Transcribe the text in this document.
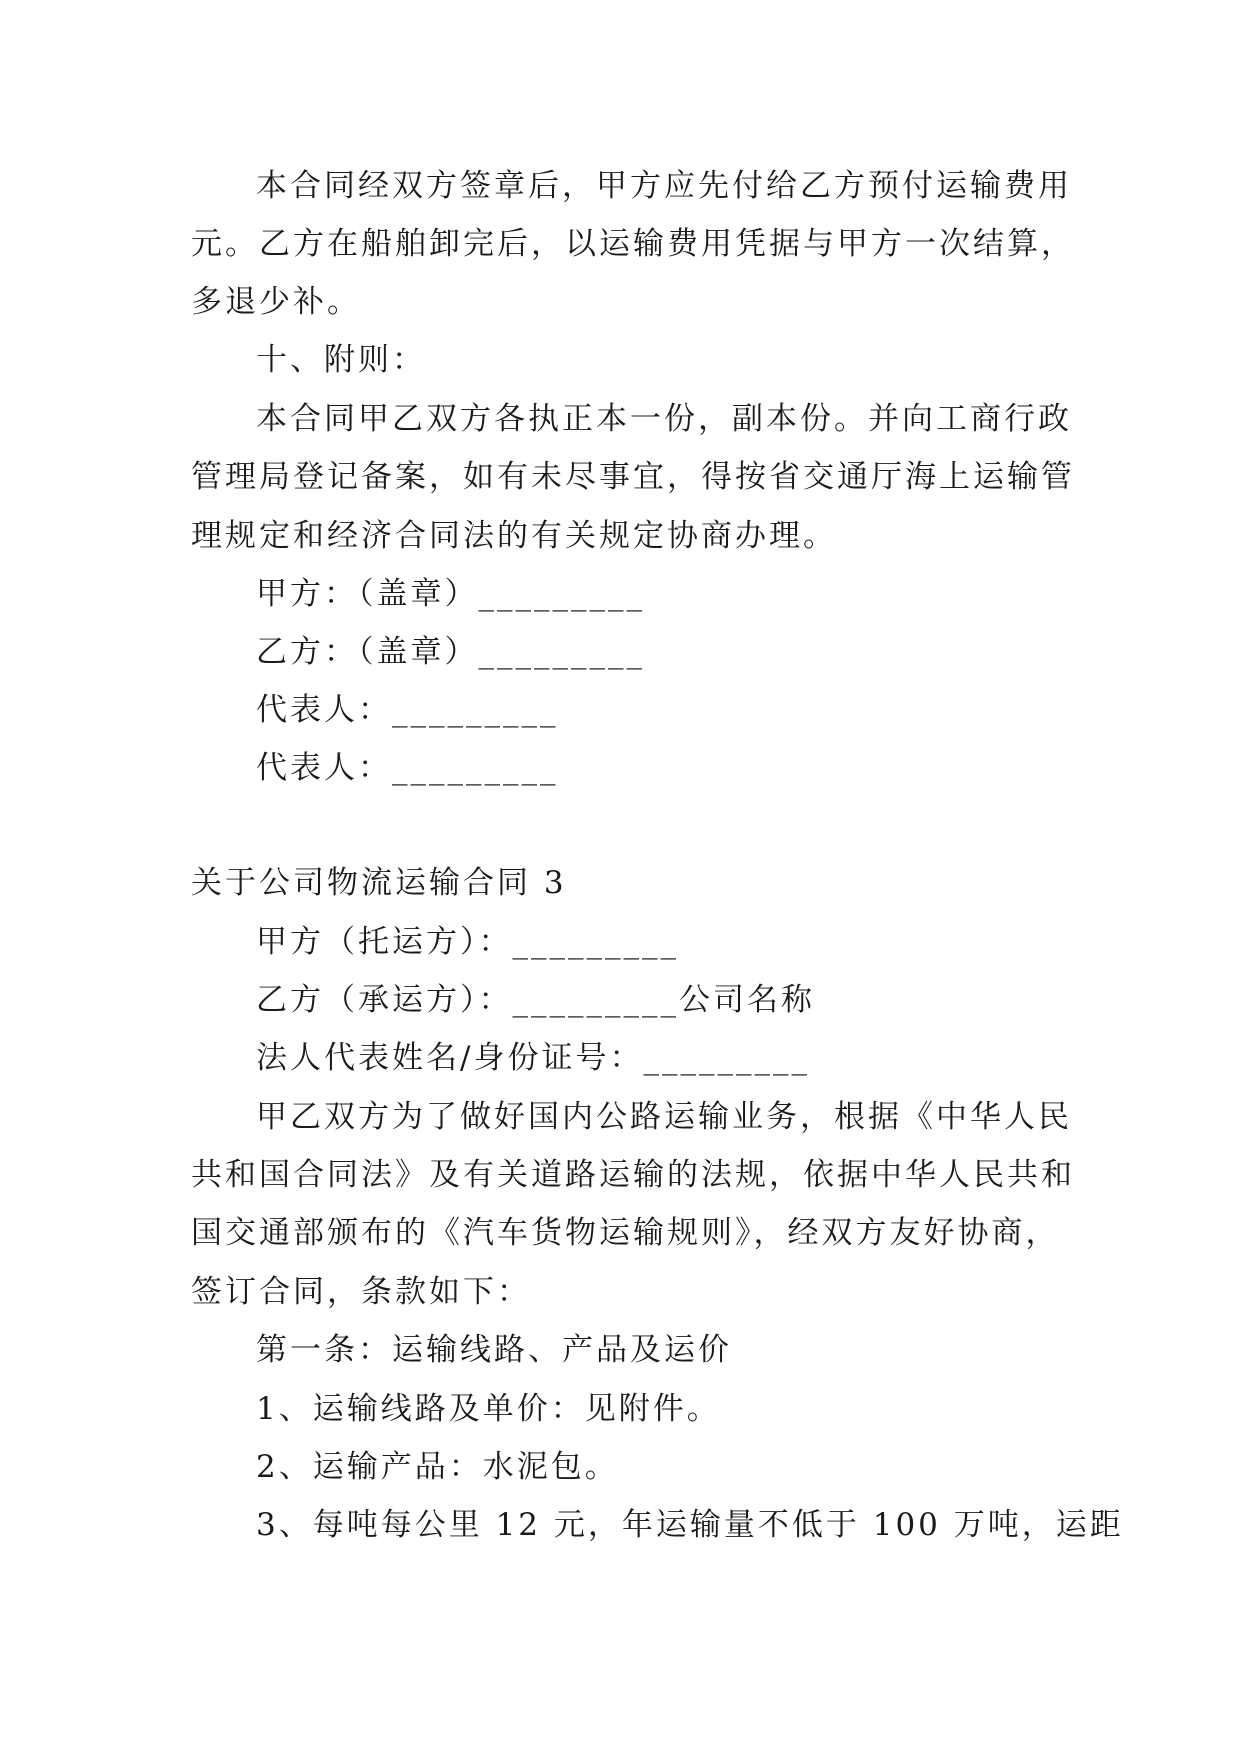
本合同经双方签章后，甲方应先付给乙方预付运输费用
元。乙方在船舶卸完后，以运输费用凭据与甲方一次结算，
多退少补。
十、附则：
本合同甲乙双方各执正本一份，副本份。并向工商行政
管理局登记备案，如有未尽事宜，得按省交通厅海上运输管
理规定和经济合同法的有关规定协商办理。
甲方：（盖章）_________
乙方：（盖章）_________
代表人：_________
代表人：_________
关于公司物流运输合同 3
甲方（托运方）：_________
乙方（承运方）：_________公司名称
法人代表姓名/身份证号：_________
甲乙双方为了做好国内公路运输业务，根据《中华人民
共和国合同法》及有关道路运输的法规，依据中华人民共和
国交通部颁布的《汽车货物运输规则》，经双方友好协商，
签订合同，条款如下：
第一条：运输线路、产品及运价
1、运输线路及单价：见附件。
2、运输产品：水泥包。
3、每吨每公里 12 元，年运输量不低于 100 万吨，运距
